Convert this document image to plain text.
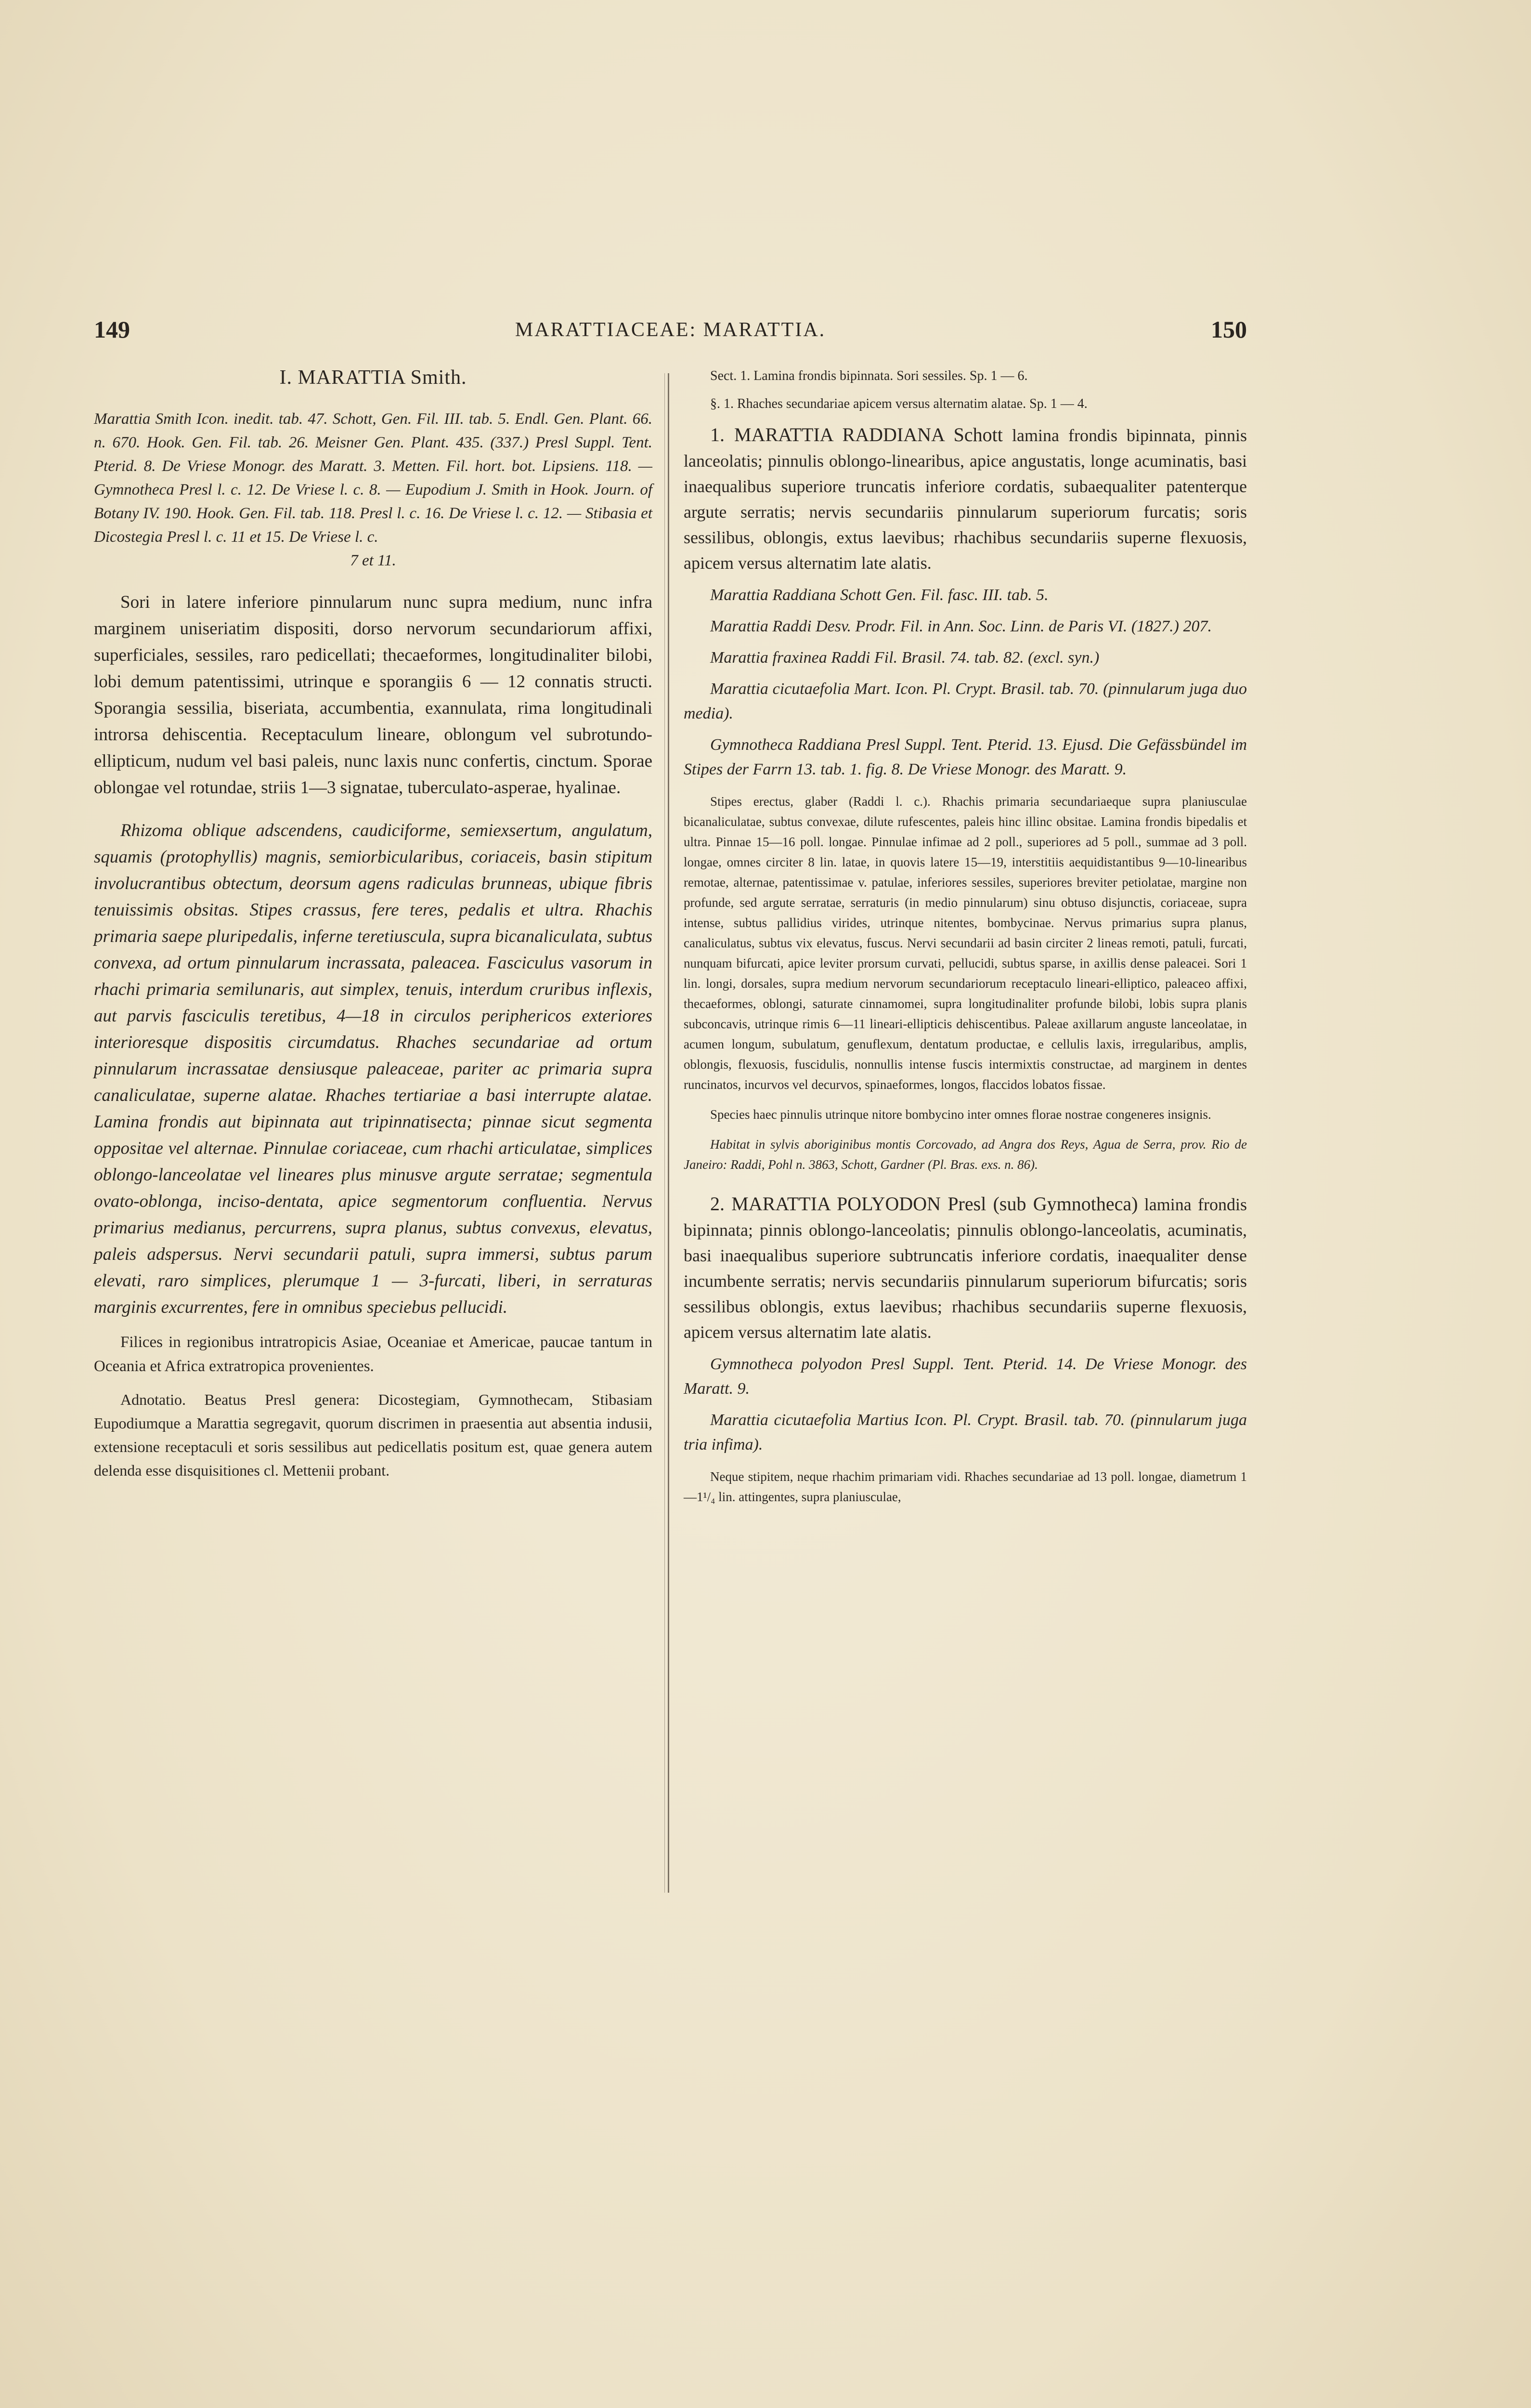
149	MARATTIACEAE: MARATTIA.	150

I. MARATTIA Smith.

Marattia Smith Icon. inedit. tab. 47. Schott, Gen. Fil. III. tab. 5. Endl. Gen. Plant. 66. n. 670. Hook. Gen. Fil. tab. 26. Meisner Gen. Plant. 435. (337.) Presl Suppl. Tent. Pterid. 8. De Vriese Monogr. des Maratt. 3. Metten. Fil. hort. bot. Lipsiens. 118. — Gymnotheca Presl l. c. 12. De Vriese l. c. 8. — Eupodium J. Smith in Hook. Journ. of Botany IV. 190. Hook. Gen. Fil. tab. 118. Presl l. c. 16. De Vriese l. c. 12. — Stibasia et Dicostegia Presl l. c. 11 et 15. De Vriese l. c.

7 et 11.

Sori in latere inferiore pinnularum nunc supra medium, nunc infra marginem uniseriatim dispositi, dorso nervorum secundariorum affixi, superficiales, sessiles, raro pedicellati; thecaeformes, longitudinaliter bilobi, lobi demum patentissimi, utrinque e sporangiis 6 — 12 connatis structi. Sporangia sessilia, biseriata, accumbentia, exannulata, rima longitudinali introrsa dehiscentia. Receptaculum lineare, oblongum vel subrotundo-ellipticum, nudum vel basi paleis, nunc laxis nunc confertis, cinctum. Sporae oblongae vel rotundae, striis 1—3 signatae, tuberculato-asperae, hyalinae.

Rhizoma oblique adscendens, caudiciforme, semiexsertum, angulatum, squamis (protophyllis) magnis, semiorbicularibus, coriaceis, basin stipitum involucrantibus obtectum, deorsum agens radiculas brunneas, ubique fibris tenuissimis obsitas. Stipes crassus, fere teres, pedalis et ultra. Rhachis primaria saepe pluripedalis, inferne teretiuscula, supra bicanaliculata, subtus convexa, ad ortum pinnularum incrassata, paleacea. Fasciculus vasorum in rhachi primaria semilunaris, aut simplex, tenuis, interdum cruribus inflexis, aut parvis fasciculis teretibus, 4—18 in circulos periphericos exteriores interioresque dispositis circumdatus. Rhaches secundariae ad ortum pinnularum incrassatae densiusque paleaceae, pariter ac primaria supra canaliculatae, superne alatae. Rhaches tertiariae a basi interrupte alatae. Lamina frondis aut bipinnata aut tripinnatisecta; pinnae sicut segmenta oppositae vel alternae. Pinnulae coriaceae, cum rhachi articulatae, simplices oblongo-lanceolatae vel lineares plus minusve argute serratae; segmentula ovato-oblonga, inciso-dentata, apice segmentorum confluentia. Nervus primarius medianus, percurrens, supra planus, subtus convexus, elevatus, paleis adspersus. Nervi secundarii patuli, supra immersi, subtus parum elevati, raro simplices, plerumque 1 — 3-furcati, liberi, in serraturas marginis excurrentes, fere in omnibus speciebus pellucidi.

Filices in regionibus intratropicis Asiae, Oceaniae et Americae, paucae tantum in Oceania et Africa extratropica provenientes.

Adnotatio. Beatus Presl genera: Dicostegiam, Gymnothecam, Stibasiam Eupodiumque a Marattia segregavit, quorum discrimen in praesentia aut absentia indusii, extensione receptaculi et soris sessilibus aut pedicellatis positum est, quae genera autem delenda esse disquisitiones cl. Mettenii probant.

Sect. 1. Lamina frondis bipinnata. Sori sessiles. Sp. 1 — 6.

§. 1. Rhaches secundariae apicem versus alternatim alatae. Sp. 1 — 4.

1. MARATTIA RADDIANA Schott lamina frondis bipinnata, pinnis lanceolatis; pinnulis oblongo-linearibus, apice angustatis, longe acuminatis, basi inaequalibus superiore truncatis inferiore cordatis, subaequaliter patenterque argute serratis; nervis secundariis pinnularum superiorum furcatis; soris sessilibus, oblongis, extus laevibus; rhachibus secundariis superne flexuosis, apicem versus alternatim late alatis.

Marattia Raddiana Schott Gen. Fil. fasc. III. tab. 5.

Marattia Raddi Desv. Prodr. Fil. in Ann. Soc. Linn. de Paris VI. (1827.) 207.

Marattia fraxinea Raddi Fil. Brasil. 74. tab. 82. (excl. syn.)

Marattia cicutaefolia Mart. Icon. Pl. Crypt. Brasil. tab. 70. (pinnularum juga duo media).

Gymnotheca Raddiana Presl Suppl. Tent. Pterid. 13. Ejusd. Die Gefässbündel im Stipes der Farrn 13. tab. 1. fig. 8. De Vriese Monogr. des Maratt. 9.

Stipes erectus, glaber (Raddi l. c.). Rhachis primaria secundariaeque supra planiusculae bicanaliculatae, subtus convexae, dilute rufescentes, paleis hinc illinc obsitae. Lamina frondis bipedalis et ultra. Pinnae 15—16 poll. longae. Pinnulae infimae ad 2 poll., superiores ad 5 poll., summae ad 3 poll. longae, omnes circiter 8 lin. latae, in quovis latere 15—19, interstitiis aequidistantibus 9—10-linearibus remotae, alternae, patentissimae v. patulae, inferiores sessiles, superiores breviter petiolatae, margine non profunde, sed argute serratae, serraturis (in medio pinnularum) sinu obtuso disjunctis, coriaceae, supra intense, subtus pallidius virides, utrinque nitentes, bombycinae. Nervus primarius supra planus, canaliculatus, subtus vix elevatus, fuscus. Nervi secundarii ad basin circiter 2 lineas remoti, patuli, furcati, nunquam bifurcati, apice leviter prorsum curvati, pellucidi, subtus sparse, in axillis dense paleacei. Sori 1 lin. longi, dorsales, supra medium nervorum secundariorum receptaculo lineari-elliptico, paleaceo affixi, thecaeformes, oblongi, saturate cinnamomei, supra longitudinaliter profunde bilobi, lobis supra planis subconcavis, utrinque rimis 6—11 lineari-ellipticis dehiscentibus. Paleae axillarum anguste lanceolatae, in acumen longum, subulatum, genuflexum, dentatum productae, e cellulis laxis, irregularibus, amplis, oblongis, flexuosis, fuscidulis, nonnullis intense fuscis intermixtis constructae, ad marginem in dentes runcinatos, incurvos vel decurvos, spinaeformes, longos, flaccidos lobatos fissae.

Species haec pinnulis utrinque nitore bombycino inter omnes florae nostrae congeneres insignis.

Habitat in sylvis aboriginibus montis Corcovado, ad Angra dos Reys, Agua de Serra, prov. Rio de Janeiro: Raddi, Pohl n. 3863, Schott, Gardner (Pl. Bras. exs. n. 86).

2. MARATTIA POLYODON Presl (sub Gymnotheca) lamina frondis bipinnata; pinnis oblongo-lanceolatis; pinnulis oblongo-lanceolatis, acuminatis, basi inaequalibus superiore subtruncatis inferiore cordatis, inaequaliter dense incumbente serratis; nervis secundariis pinnularum superiorum bifurcatis; soris sessilibus oblongis, extus laevibus; rhachibus secundariis superne flexuosis, apicem versus alternatim late alatis.

Gymnotheca polyodon Presl Suppl. Tent. Pterid. 14. De Vriese Monogr. des Maratt. 9.

Marattia cicutaefolia Martius Icon. Pl. Crypt. Brasil. tab. 70. (pinnularum juga tria infima).

Neque stipitem, neque rhachim primariam vidi. Rhaches secundariae ad 13 poll. longae, diametrum 1—1¹/₄ lin. attingentes, supra planiusculae,
